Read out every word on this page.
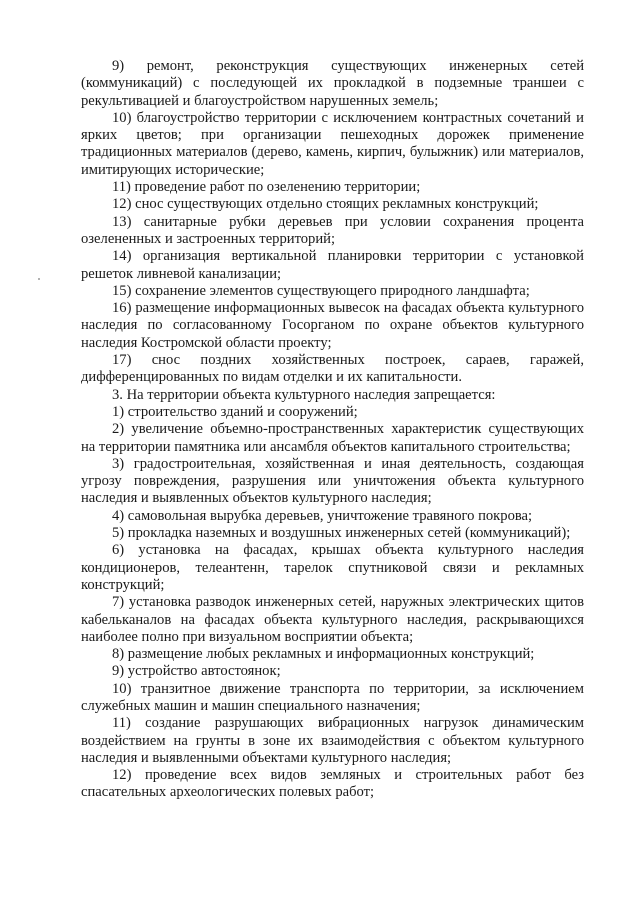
9) ремонт, реконструкция существующих инженерных сетей (коммуникаций) с последующей их прокладкой в подземные траншеи с рекультивацией и благоустройством нарушенных земель;

10) благоустройство территории с исключением контрастных сочетаний и ярких цветов; при организации пешеходных дорожек применение традиционных материалов (дерево, камень, кирпич, булыжник) или материалов, имитирующих исторические;

11) проведение работ по озеленению территории;

12) снос существующих отдельно стоящих рекламных конструкций;

13) санитарные рубки деревьев при условии сохранения процента озелененных и застроенных территорий;

14) организация вертикальной планировки территории с установкой решеток ливневой канализации;

15) сохранение элементов существующего природного ландшафта;

16) размещение информационных вывесок на фасадах объекта культурного наследия по согласованному Госорганом по охране объектов культурного наследия Костромской области проекту;

17) снос поздних хозяйственных построек, сараев, гаражей, дифференцированных по видам отделки и их капитальности.

3. На территории объекта культурного наследия запрещается:

1) строительство зданий и сооружений;

2) увеличение объемно-пространственных характеристик существующих на территории памятника или ансамбля объектов капитального строительства;

3) градостроительная, хозяйственная и иная деятельность, создающая угрозу повреждения, разрушения или уничтожения объекта культурного наследия и выявленных объектов культурного наследия;

4) самовольная вырубка деревьев, уничтожение травяного покрова;

5) прокладка наземных и воздушных инженерных сетей (коммуникаций);

6) установка на фасадах, крышах объекта культурного наследия кондиционеров, телеантенн, тарелок спутниковой связи и рекламных конструкций;

7) установка разводок инженерных сетей, наружных электрических щитов кабельканалов на фасадах объекта культурного наследия, раскрывающихся наиболее полно при визуальном восприятии объекта;

8) размещение любых рекламных и информационных конструкций;

9) устройство автостоянок;

10) транзитное движение транспорта по территории, за исключением служебных машин и машин специального назначения;

11) создание разрушающих вибрационных нагрузок динамическим воздействием на грунты в зоне их взаимодействия с объектом культурного наследия и выявленными объектами культурного наследия;

12) проведение всех видов земляных и строительных работ без спасательных археологических полевых работ;
